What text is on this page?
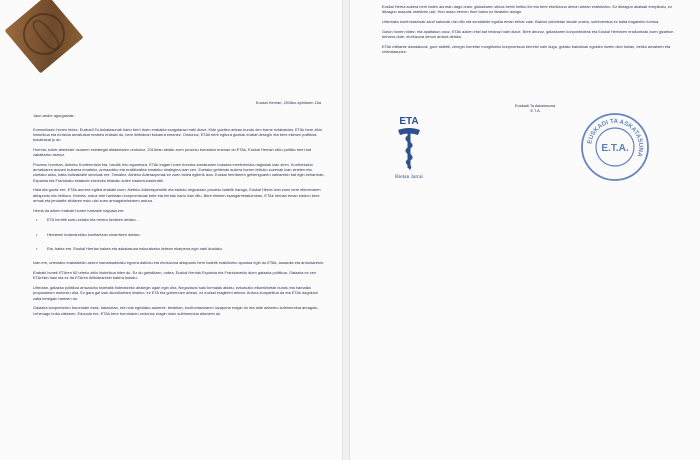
Euskal Herrian, 2018ko apirilaren 16a
Jaun-andre agurgarriak:

Komunikazio honen bidez, Euskadi Ta Askatasunak hartu berri duen erabakia ezagutarazi nahi dizue. Kide guztien artean burutu den barne eztabaidan, ETAk bere ziklo historikoa eta funtzioa amaitutzat ematea erabaki du, bere ibilbideari bukaera emanez. Ondorioz, ETAk bere egitura guztiak erabat desegin eta bere ekimen politikoa bukatutzat jo du.

Horrela, ezker abertzale osoaren estrategia aldaketaren ondorioz, 2010ean abiatu zuen prozesu burutaino eraman du ETAk, Euskal Herrian ziklo politiko berri bat zabaltzeko asmoz.

Prozesu horretan, Aieteko Konferentzia eta, handik hiru egunetara, ETAk iragarri zuen borroka armatuaren bukaera erreferentzia nagusiak izan ziren. Konfrontazio armatuaren araueri bukaera emateko, armazoitko eta eraikitzailea emateko ahalegina izan zen. Zuetako gehienak aukera horren leikuko zuzenak izan zineten eta, zuetako asko, baita bultzatzaile sendoak ere. Tamalez, Aieteko Adierazpenak ez zuen bidea egiterik izan. Euskal herritarren gehiengoaren nahiarekin bat egin beharrean, Espainia eta Frantziako estatuek ezinezko bilakatu zuten hasiera-hasieratik.

Hala eta guztiz ere, ETAk aurrera egitea erabaki zuen. Aieteko Adierazpenetik eta balizko negoziazio prozesu batetik harago, Euskal Herria izan zuen bere ekimenaren abiapuntu eta helbura. Horrela, orduz arte hartutako konpromisoak bete eta berriak hartu izan ditu. Bere ekimen esangarrietatuenean, ETAk herriari eman zizkion bere armak eta jendartte zibilaren esku utzi zuen armagabetzearen ardura.

Herria da azken erabaki honen hartzaile nagusia ere:

• ETA herritik sortu zelako eta herrira itzultzen delako.
• Herriaren indarrarekiko konfiantzan oinarritzen delako.
• Eta, batez ere, Euskal Herrian bakea eta askatasuna eskuratzeko bidean ekarpena egin nahi duelako.

Izan ere, urteotako erabakiekin azken hamarkadetako egoera astindu eta etorkizuna abiapuntu berri batetik eraikitzeko apustua egin du ETAk, ausardia eta arduraarekin.

Erabaki honek ETAren 60 urteko ziklo historikoa ixten du. Ez du gainditzen, ordea, Euskal Herriak Espainia eta Frantziarekin duen gatazka politikoa. Gatazka ez zen ETArekin hasi eta ez da ETAren ibilbidearekin batera bukatu.

Urteotan, gatazka politikoa arrazoizko bidetatik bideratzeko ahalegin ugari egin dira. Negoziazio saio formalak abiatu, ezkutuzko elkarrizketak burutu eta hamaika proposamen aurkeztu dira. Ez gara gai izan akordioetara iristeko, ez ETA eta gobernuen artean, ez euskal eragileen artean. Ardura konpartitua da eta ETAk dagokion zatia beregain hartzen du.

Gatazka konpontzeko borondate ezak, batzuetan, eta huts egindako aukerek, bestetan, konfrontazioaren luzapena eragin du eta alde anitzeko sufrimendua areagotu. Lehenago buka zitekeen. Edonola ere, ETAk bere borrokaren ondorioz eragin duen sufrimendua aitortzen du.

Euskal Herria aukera berri baten aurrean dago orain, gatazkaren zikloa behin betiko itxi eta bere etorkizuna denon artean eraikitzeko. Ez ditzagun akatsak errepikatu, ez ditzagun arazoak usteltzen utzi. Hori arazo berrien iturri baino ez litzateke izango.

Urteotako konfrontazioak zauri sakonak utzi ditu eta sendabide egokia eman behar zaie. Batzuk oddoletan daude oraino, sufrimendua ez baita iraganeko kontua.

Gutun honen bidez, eta apaltasun osoz, ETAk azken iritzi bat helarazi nahi dizue. Bere aburuz, gatazkaren konponbideak eta Euskal Herriaren eraikuntzak zuen gizartion beharra dute, etorkizuna denon ardura delako.

ETAk militante izandakook, gure aldetik, zeregin horretan murgiltzeko konpromisoa berretsi nahi dugu, gutako bakoitzak egokien irizten dion tokian, betiko amaitzen eta zintzotasunez.

Euskadi Ta Askatasuna
E.T.A
ETA
Bietan Jarrai
EUSKADI TA ASKATASUNA
E.T.A.
